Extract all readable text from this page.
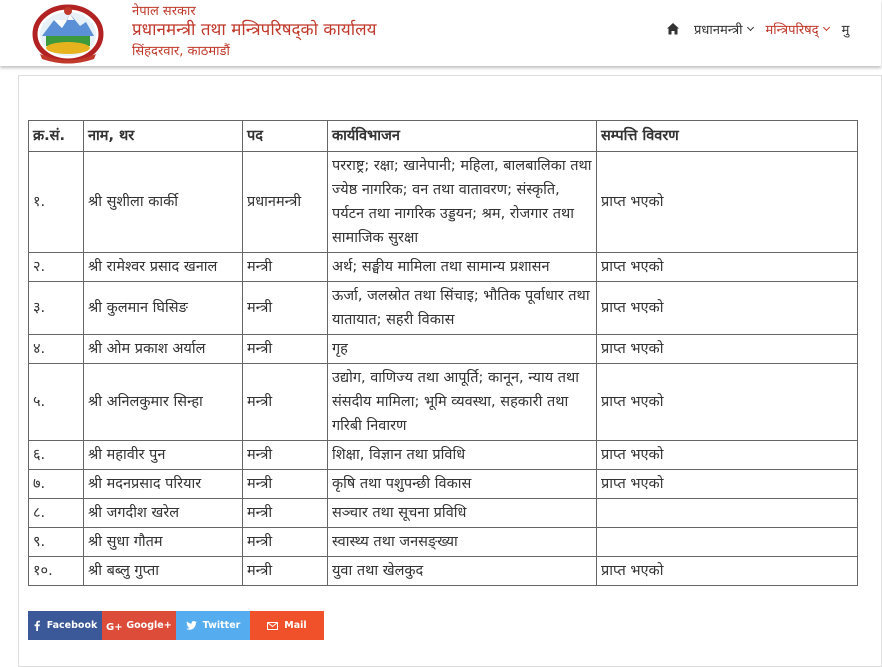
नेपाल सरकार
प्रधानमन्त्री तथा मन्त्रिपरिषद्को कार्यालय
सिंहदरवार, काठमाडौं
प्रधानमन्त्री मन्त्रिपरिषद् मु
क्र.सं.	नाम, थर	पद	कार्यविभाजन	सम्पत्ति विवरण
१.	श्री सुशीला कार्की	प्रधानमन्त्री	परराष्ट्र; रक्षा; खानेपानी; महिला, बालबालिका तथा ज्येष्ठ नागरिक; वन तथा वातावरण; संस्कृति, पर्यटन तथा नागरिक उड्डयन; श्रम, रोजगार तथा सामाजिक सुरक्षा	प्राप्त भएको
२.	श्री रामेश्वर प्रसाद खनाल	मन्त्री	अर्थ; सङ्घीय मामिला तथा सामान्य प्रशासन	प्राप्त भएको
३.	श्री कुलमान घिसिङ	मन्त्री	ऊर्जा, जलस्रोत तथा सिंचाइ; भौतिक पूर्वाधार तथा यातायात; सहरी विकास	प्राप्त भएको
४.	श्री ओम प्रकाश अर्याल	मन्त्री	गृह	प्राप्त भएको
५.	श्री अनिलकुमार सिन्हा	मन्त्री	उद्योग, वाणिज्य तथा आपूर्ति; कानून, न्याय तथा संसदीय मामिला; भूमि व्यवस्था, सहकारी तथा गरिबी निवारण	प्राप्त भएको
६.	श्री महावीर पुन	मन्त्री	शिक्षा, विज्ञान तथा प्रविधि	प्राप्त भएको
७.	श्री मदनप्रसाद परियार	मन्त्री	कृषि तथा पशुपन्छी विकास	प्राप्त भएको
८.	श्री जगदीश खरेल	मन्त्री	सञ्चार तथा सूचना प्रविधि	
९.	श्री सुधा गौतम	मन्त्री	स्वास्थ्य तथा जनसङ्ख्या	
१०.	श्री बब्लु गुप्ता	मन्त्री	युवा तथा खेलकुद	प्राप्त भएको
Facebook G+ Google+	Twitter	Mail
